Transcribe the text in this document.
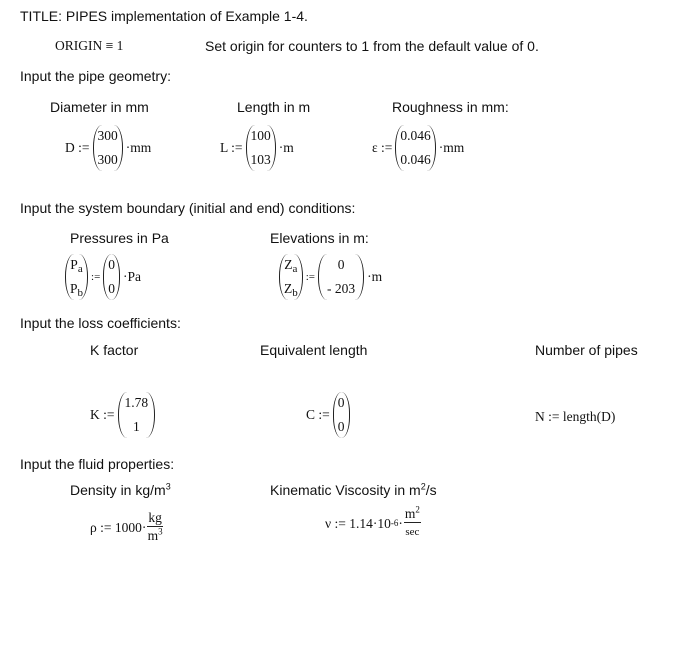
TITLE: PIPES implementation of Example 1-4.
ORIGIN ≡ 1	Set origin for counters to 1 from the default value of 0.
Input the pipe geometry:
Diameter in mm	Length in m	Roughness in mm:
D :=
300
300
·mm	L :=
100
103
·m	ε :=
0.046
0.046
·mm
Input the system boundary (initial and end) conditions:
Pressures in Pa	Elevations in m:
$P_a$
$P_b$
:=
0
0
·Pa
$Z_a$
$Z_b$
:=
0
- 203
·m
Input the loss coefficients:
K factor	Equivalent length	Number of pipes
K :=
1.78
1
C :=
0
0
N := length(D)
Input the fluid properties:
Density in $kg/m^3$	Kinematic Viscosity in $m^2/s$
ρ := $1000\cdot \frac{kg}{m^3}$	ν := 1.14·10 $-6 \cdot \frac{m^2}{\sec}$
